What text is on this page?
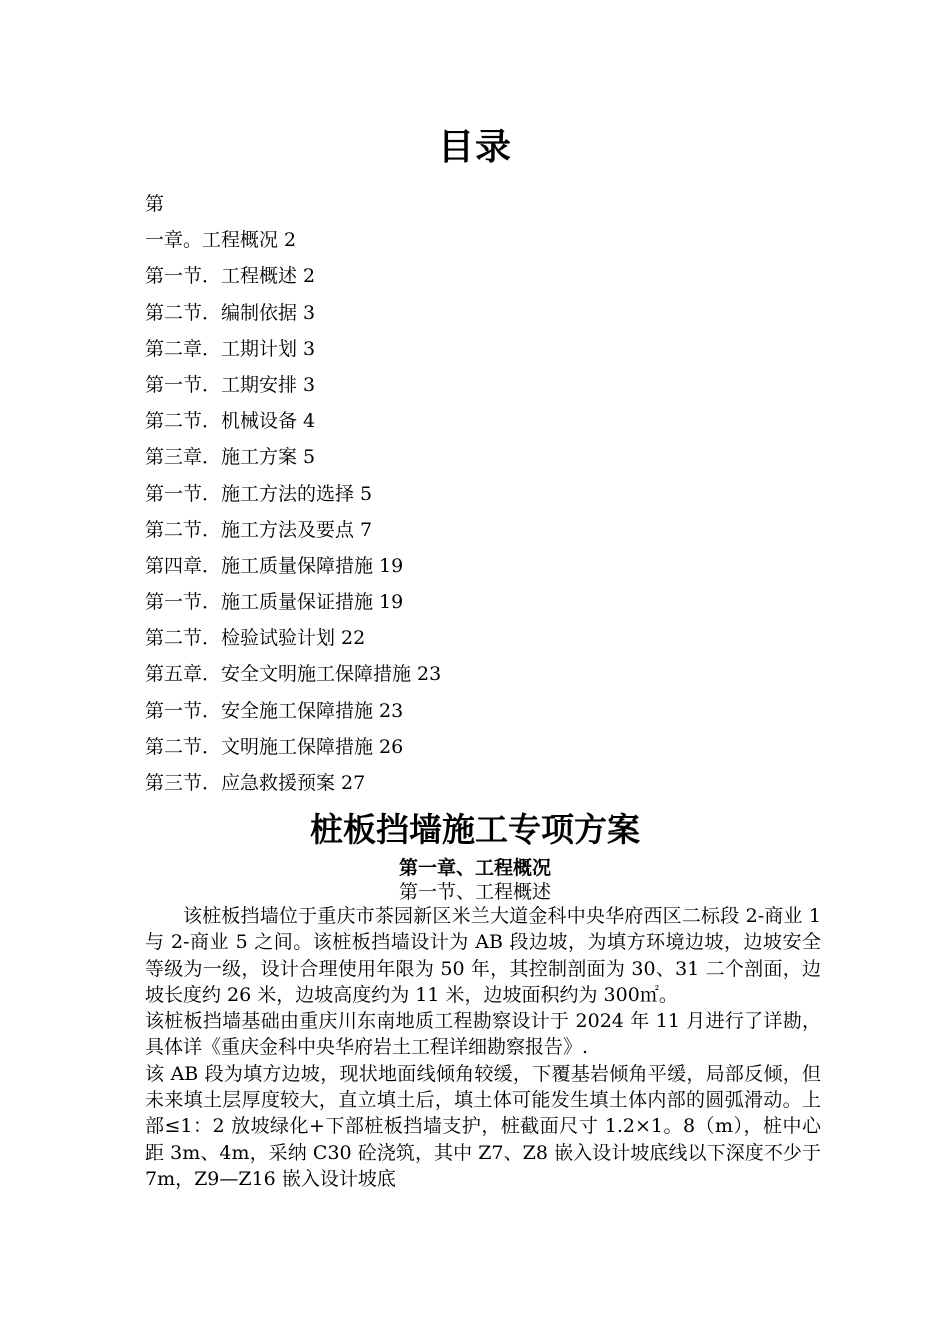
目录
第
一章。工程概况 2
第一节．工程概述 2
第二节．编制依据 3
第二章．工期计划 3
第一节．工期安排 3
第二节．机械设备 4
第三章．施工方案 5
第一节．施工方法的选择 5
第二节．施工方法及要点 7
第四章．施工质量保障措施 19
第一节．施工质量保证措施 19
第二节．检验试验计划 22
第五章．安全文明施工保障措施 23
第一节．安全施工保障措施 23
第二节．文明施工保障措施 26
第三节．应急救援预案 27
桩板挡墙施工专项方案
第一章、工程概况
第一节、工程概述

该桩板挡墙位于重庆市茶园新区米兰大道金科中央华府西区二标段 2-商业 1 与 2-商业 5 之间。该桩板挡墙设计为 AB 段边坡，为填方环境边坡，边坡安全等级为一级，设计合理使用年限为 50 年，其控制剖面为 30、31 二个剖面，边坡长度约 26 米，边坡高度约为 11 米，边坡面积约为 300㎡。

该桩板挡墙基础由重庆川东南地质工程勘察设计于 2024 年 11 月进行了详勘，具体详《重庆金科中央华府岩土工程详细勘察报告》.

该 AB 段为填方边坡，现状地面线倾角较缓，下覆基岩倾角平缓，局部反倾，但未来填土层厚度较大，直立填土后，填土体可能发生填土体内部的圆弧滑动。上部≤1：2 放坡绿化+下部桩板挡墙支护，桩截面尺寸 1.2×1。8（m），桩中心距 3m、4m，采纳 C30 砼浇筑，其中 Z7、Z8 嵌入设计坡底线以下深度不少于 7m，Z9—Z16 嵌入设计坡底
